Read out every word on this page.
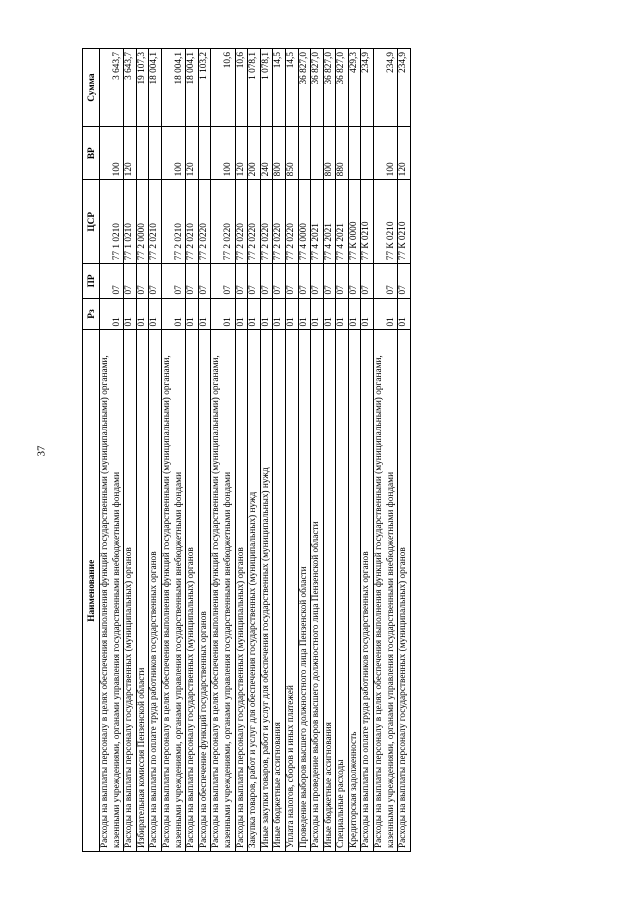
37
Наименование	Рз	ПР	ЦСР	ВР	Сумма
Расходы на выплаты персоналу в целях обеспечения выполнения функций государственными (муниципальными) органами, казенными учреждениями, органами управления государственными внебюджетными фондами	01	07	77 1 0210	100	3 643,7
Расходы на выплаты персоналу государственных (муниципальных) органов	01	07	77 1 0210	120	3 643,7
Избирательная комиссия Пензенской области	01	07	77 2 0000		19 107,3
Расходы на выплаты по оплате труда работников государственных органов	01	07	77 2 0210		18 004,1
Расходы на выплаты персоналу в целях обеспечения выполнения функций государственными (муниципальными) органами, казенными учреждениями, органами управления государственными внебюджетными фондами	01	07	77 2 0210	100	18 004,1
Расходы на выплаты персоналу государственных (муниципальных) органов	01	07	77 2 0210	120	18 004,1
Расходы на обеспечение функций государственных органов	01	07	77 2 0220		1 103,2
Расходы на выплаты персоналу в целях обеспечения выполнения функций государственными (муниципальными) органами, казенными учреждениями, органами управления государственными внебюджетными фондами	01	07	77 2 0220	100	10,6
Расходы на выплаты персоналу государственных (муниципальных) органов	01	07	77 2 0220	120	10,6
Закупка товаров, работ и услуг для обеспечения государственных (муниципальных) нужд	01	07	77 2 0220	200	1 078,1
Иные закупки товаров, работ и услуг для обеспечения государственных (муниципальных) нужд	01	07	77 2 0220	240	1 078,1
Иные бюджетные ассигнования	01	07	77 2 0220	800	14,5
Уплата налогов, сборов и иных платежей	01	07	77 2 0220	850	14,5
Проведение выборов высшего должностного лица Пензенской области	01	07	77 4 0000		36 827,0
Расходы на проведение выборов высшего должностного лица Пензенской области	01	07	77 4 2021		36 827,0
Иные бюджетные ассигнования	01	07	77 4 2021	800	36 827,0
Специальные расходы	01	07	77 4 2021	880	36 827,0
Кредиторская задолженность	01	07	77 К 0000		429,3
Расходы на выплаты по оплате труда работников государственных органов	01	07	77 К 0210		234,9
Расходы на выплаты персоналу в целях обеспечения выполнения функций государственными (муниципальными) органами, казенными учреждениями, органами управления государственными внебюджетными фондами	01	07	77 К 0210	100	234,9
Расходы на выплаты персоналу государственных (муниципальных) органов	01	07	77 К 0210	120	234,9
